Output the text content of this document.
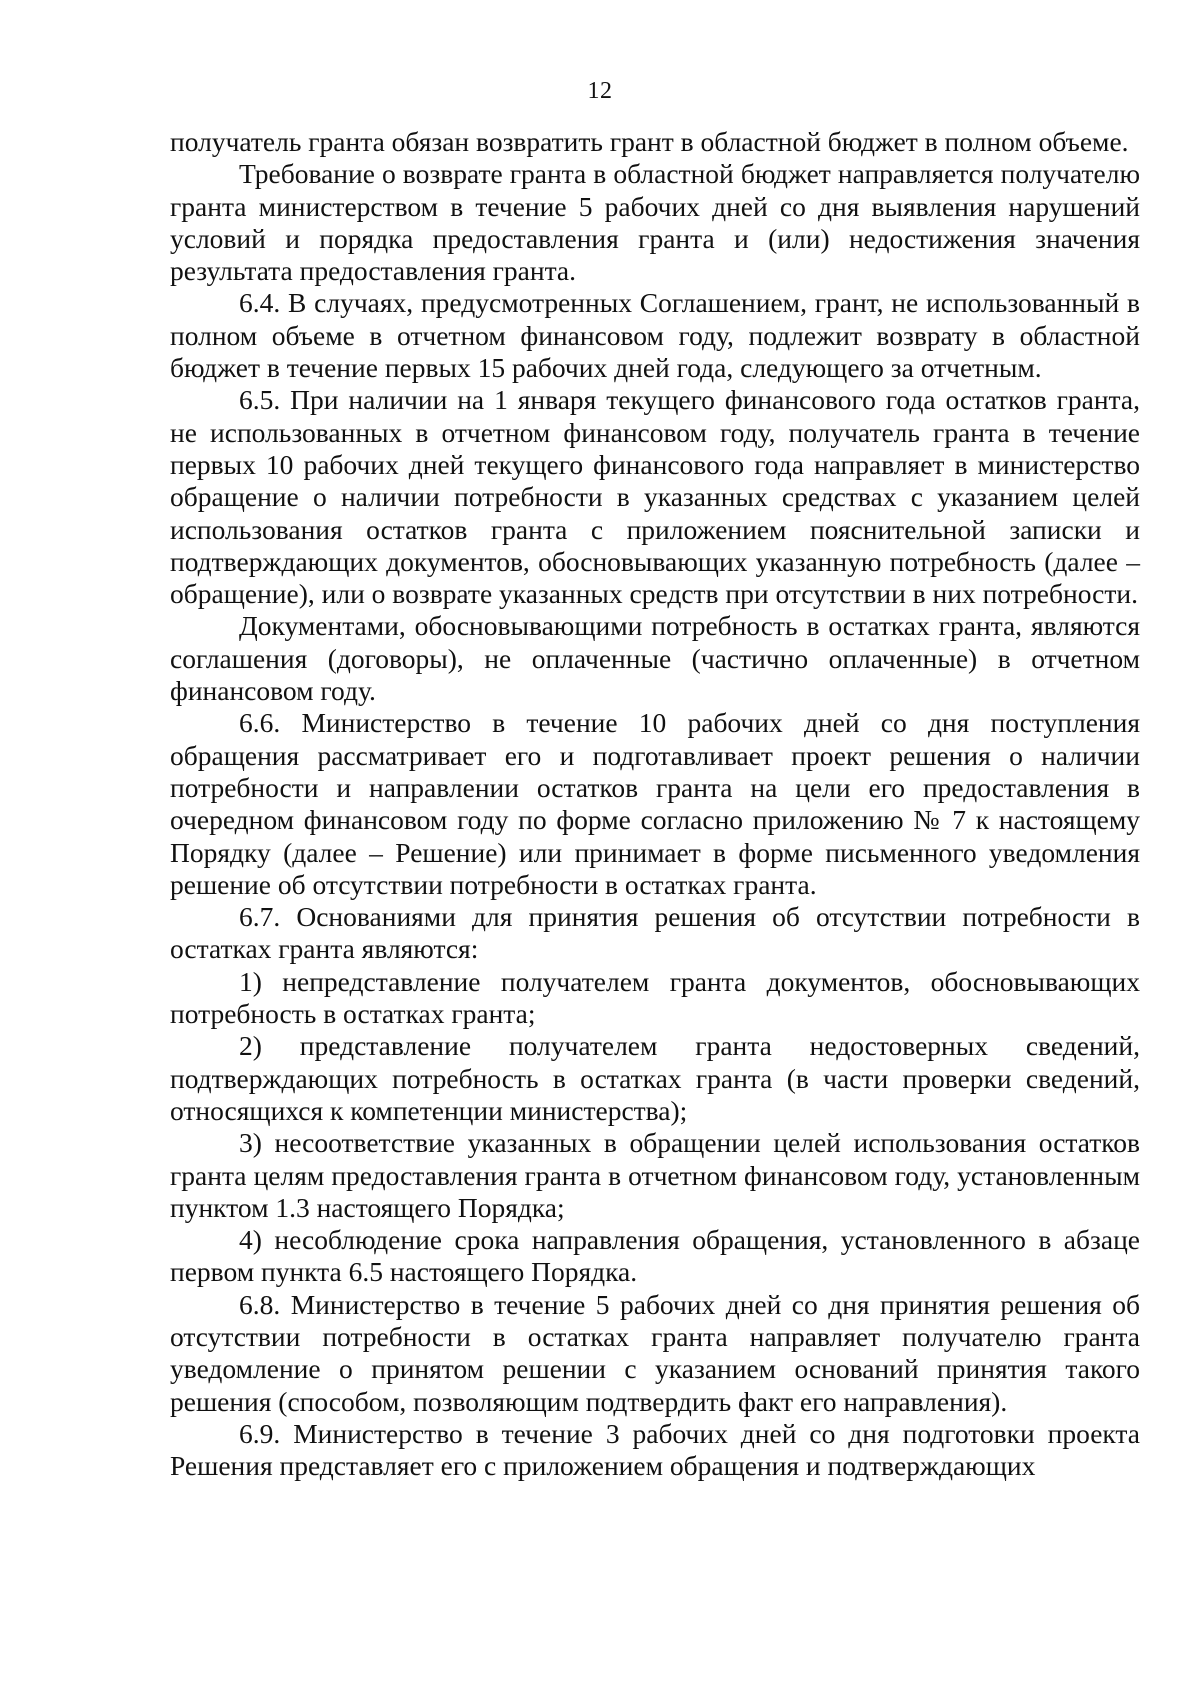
12

получатель гранта обязан возвратить грант в областной бюджет в полном объеме.

Требование о возврате гранта в областной бюджет направляется получателю гранта министерством в течение 5 рабочих дней со дня выявления нарушений условий и порядка предоставления гранта и (или) недостижения значения результата предоставления гранта.

6.4. В случаях, предусмотренных Соглашением, грант, не использованный в полном объеме в отчетном финансовом году, подлежит возврату в областной бюджет в течение первых 15 рабочих дней года, следующего за отчетным.

6.5. При наличии на 1 января текущего финансового года остатков гранта, не использованных в отчетном финансовом году, получатель гранта в течение первых 10 рабочих дней текущего финансового года направляет в министерство обращение о наличии потребности в указанных средствах с указанием целей использования остатков гранта с приложением пояснительной записки и подтверждающих документов, обосновывающих указанную потребность (далее – обращение), или о возврате указанных средств при отсутствии в них потребности.

Документами, обосновывающими потребность в остатках гранта, являются соглашения (договоры), не оплаченные (частично оплаченные) в отчетном финансовом году.

6.6. Министерство в течение 10 рабочих дней со дня поступления обращения рассматривает его и подготавливает проект решения о наличии потребности и направлении остатков гранта на цели его предоставления в очередном финансовом году по форме согласно приложению № 7 к настоящему Порядку (далее – Решение) или принимает в форме письменного уведомления решение об отсутствии потребности в остатках гранта.

6.7. Основаниями для принятия решения об отсутствии потребности в остатках гранта являются:

1) непредставление получателем гранта документов, обосновывающих потребность в остатках гранта;

2) представление получателем гранта недостоверных сведений, подтверждающих потребность в остатках гранта (в части проверки сведений, относящихся к компетенции министерства);

3) несоответствие указанных в обращении целей использования остатков гранта целям предоставления гранта в отчетном финансовом году, установленным пунктом 1.3 настоящего Порядка;

4) несоблюдение срока направления обращения, установленного в абзаце первом пункта 6.5 настоящего Порядка.

6.8. Министерство в течение 5 рабочих дней со дня принятия решения об отсутствии потребности в остатках гранта направляет получателю гранта уведомление о принятом решении с указанием оснований принятия такого решения (способом, позволяющим подтвердить факт его направления).

6.9. Министерство в течение 3 рабочих дней со дня подготовки проекта Решения представляет его с приложением обращения и подтверждающих
